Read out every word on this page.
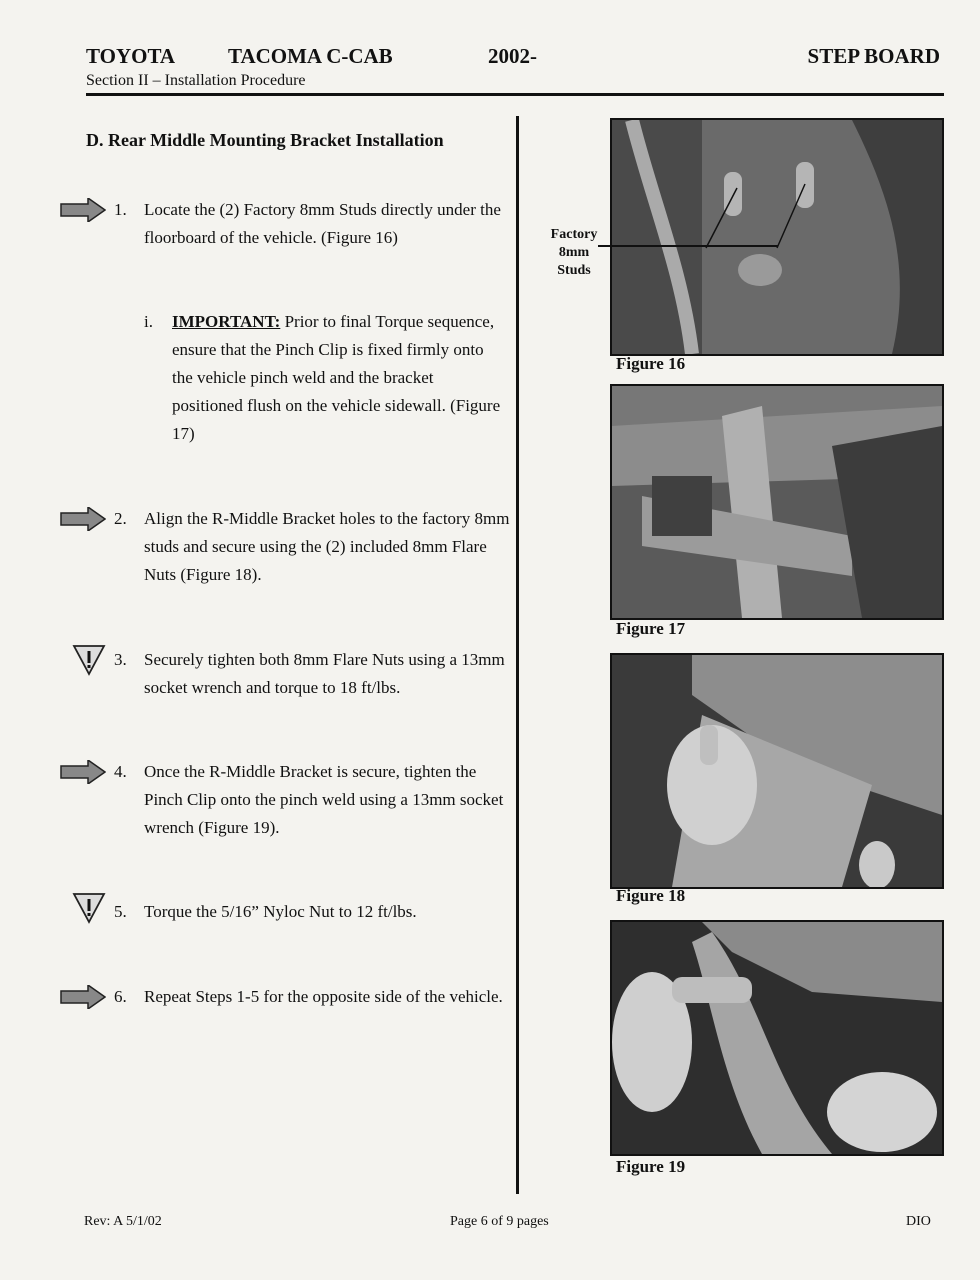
TOYOTA	TACOMA C-CAB	2002-	STEP BOARD
Section II – Installation Procedure
D. Rear Middle Mounting Bracket Installation
1. Locate the (2) Factory 8mm Studs directly under the floorboard of the vehicle. (Figure 16)
i. IMPORTANT: Prior to final Torque sequence, ensure that the Pinch Clip is fixed firmly onto the vehicle pinch weld and the bracket positioned flush on the vehicle sidewall. (Figure 17)
2. Align the R-Middle Bracket holes to the factory 8mm studs and secure using the (2) included 8mm Flare Nuts (Figure 18).
3. Securely tighten both 8mm Flare Nuts using a 13mm socket wrench and torque to 18 ft/lbs.
4. Once the R-Middle Bracket is secure, tighten the Pinch Clip onto the pinch weld using a 13mm socket wrench (Figure 19).
5. Torque the 5/16” Nyloc Nut to 12 ft/lbs.
6. Repeat Steps 1-5 for the opposite side of the vehicle.
Factory
8mm
Studs
Figure 16
Figure 17
Figure 18
Figure 19
Rev: A 5/1/02	Page 6 of 9 pages	DIO
